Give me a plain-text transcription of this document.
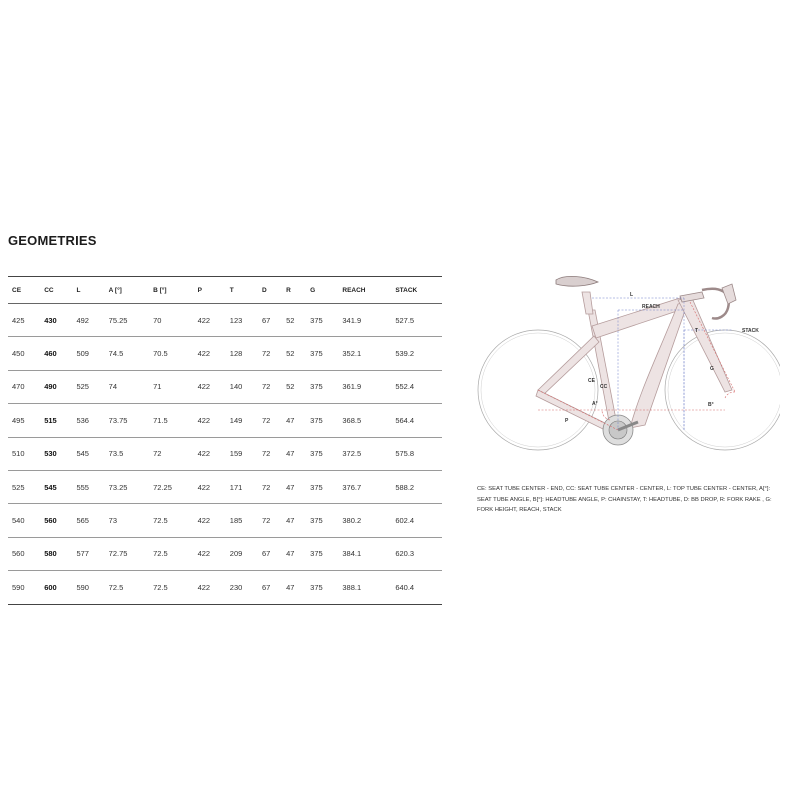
GEOMETRIES
CE	CC	L	A [°]	B [°]	P	T	D	R	G	REACH	STACK
425	430	492	75.25	70	422	123	67	52	375	341.9	527.5
450	460	509	74.5	70.5	422	128	72	52	375	352.1	539.2
470	490	525	74	71	422	140	72	52	375	361.9	552.4
495	515	536	73.75	71.5	422	149	72	47	375	368.5	564.4
510	530	545	73.5	72	422	159	72	47	375	372.5	575.8
525	545	555	73.25	72.25	422	171	72	47	375	376.7	588.2
540	560	565	73	72.5	422	185	72	47	375	380.2	602.4
560	580	577	72.75	72.5	422	209	67	47	375	384.1	620.3
590	600	590	72.5	72.5	422	230	67	47	375	388.1	640.4
L
REACH
STACK
T
G
CE
CC
A°	B°
P
CE: SEAT TUBE CENTER - END, CC: SEAT TUBE CENTER - CENTER, L: TOP TUBE CENTER - CENTER, A[°]: SEAT TUBE ANGLE, B[°]: HEADTUBE ANGLE, P: CHAINSTAY, T: HEADTUBE, D: BB DROP, R: FORK RAKE , G: FORK HEIGHT, REACH, STACK
